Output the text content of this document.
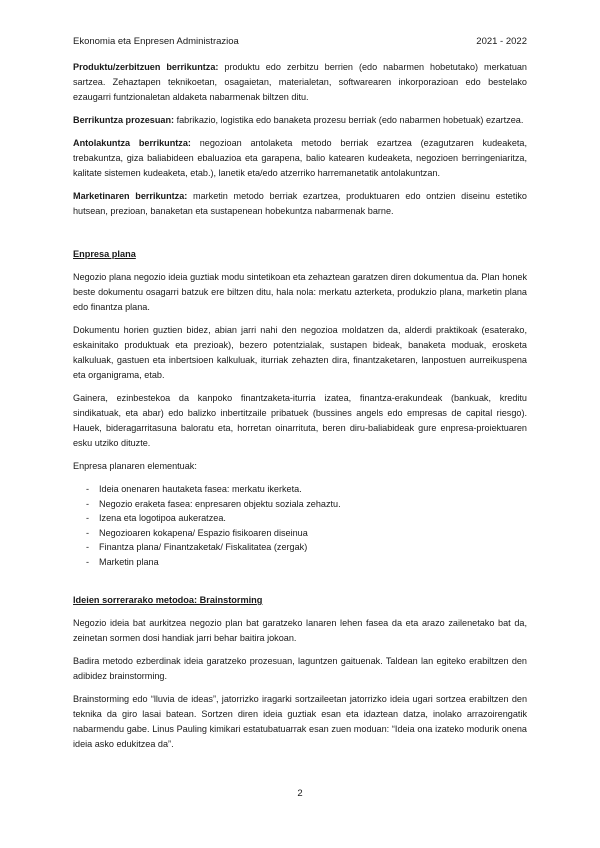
Ekonomia eta Enpresen Administrazioa	2021 - 2022

Produktu/zerbitzuen berrikuntza: produktu edo zerbitzu berrien (edo nabarmen hobetutako) merkatuan sartzea. Zehaztapen teknikoetan, osagaietan, materialetan, softwarearen inkorporazioan edo bestelako ezaugarri funtzionaletan aldaketa nabarmenak biltzen ditu.

Berrikuntza prozesuan: fabrikazio, logistika edo banaketa prozesu berriak (edo nabarmen hobetuak) ezartzea.

Antolakuntza berrikuntza: negozioan antolaketa metodo berriak ezartzea (ezagutzaren kudeaketa, trebakuntza, giza baliabideen ebaluazioa eta garapena, balio katearen kudeaketa, negozioen berringeniaritza, kalitate sistemen kudeaketa, etab.), lanetik eta/edo atzerriko harremanetatik antolakuntzan.

Marketinaren berrikuntza: marketin metodo berriak ezartzea, produktuaren edo ontzien diseinu estetiko hutsean, prezioan, banaketan eta sustapenean hobekuntza nabarmenak barne.

Enpresa plana

Negozio plana negozio ideia guztiak modu sintetikoan eta zehaztean garatzen diren dokumentua da. Plan honek beste dokumentu osagarri batzuk ere biltzen ditu, hala nola: merkatu azterketa, produkzio plana, marketin plana edo finantza plana.

Dokumentu horien guztien bidez, abian jarri nahi den negozioa moldatzen da, alderdi praktikoak (esaterako, eskainitako produktuak eta prezioak), bezero potentzialak, sustapen bideak, banaketa moduak, erosketa kalkuluak, gastuen eta inbertsioen kalkuluak, iturriak zehazten dira, finantzaketaren, lanpostuen aurreikuspena eta organigrama, etab.

Gainera, ezinbestekoa da kanpoko finantzaketa-iturria izatea, finantza-erakundeak (bankuak, kreditu sindikatuak, eta abar) edo balizko inbertitzaile pribatuek (bussines angels edo empresas de capital riesgo). Hauek, bideragarritasuna baloratu eta, horretan oinarrituta, beren diru-baliabideak gure enpresa-proiektuaren esku utziko dituzte.

Enpresa planaren elementuak:

-	Ideia onenaren hautaketa fasea: merkatu ikerketa.
-	Negozio eraketa fasea: enpresaren objektu soziala zehaztu.
-	Izena eta logotipoa aukeratzea.
-	Negozioaren kokapena/ Espazio fisikoaren diseinua
-	Finantza plana/ Finantzaketak/ Fiskalitatea (zergak)
-	Marketin plana
Ideien sorrerarako metodoa: Brainstorming

Negozio ideia bat aurkitzea negozio plan bat garatzeko lanaren lehen fasea da eta arazo zailenetako bat da, zeinetan sormen dosi handiak jarri behar baitira jokoan.

Badira metodo ezberdinak ideia garatzeko prozesuan, laguntzen gaituenak. Taldean lan egiteko erabiltzen den adibidez brainstorming.

Brainstorming edo “lluvia de ideas”, jatorrizko iragarki sortzaileetan jatorrizko ideia ugari sortzea erabiltzen den teknika da giro lasai batean. Sortzen diren ideia guztiak esan eta idaztean datza, inolako arrazoirengatik nabarmendu gabe. Linus Pauling kimikari estatubatuarrak esan zuen moduan: “Ideia ona izateko modurik onena ideia asko edukitzea da”.

2
